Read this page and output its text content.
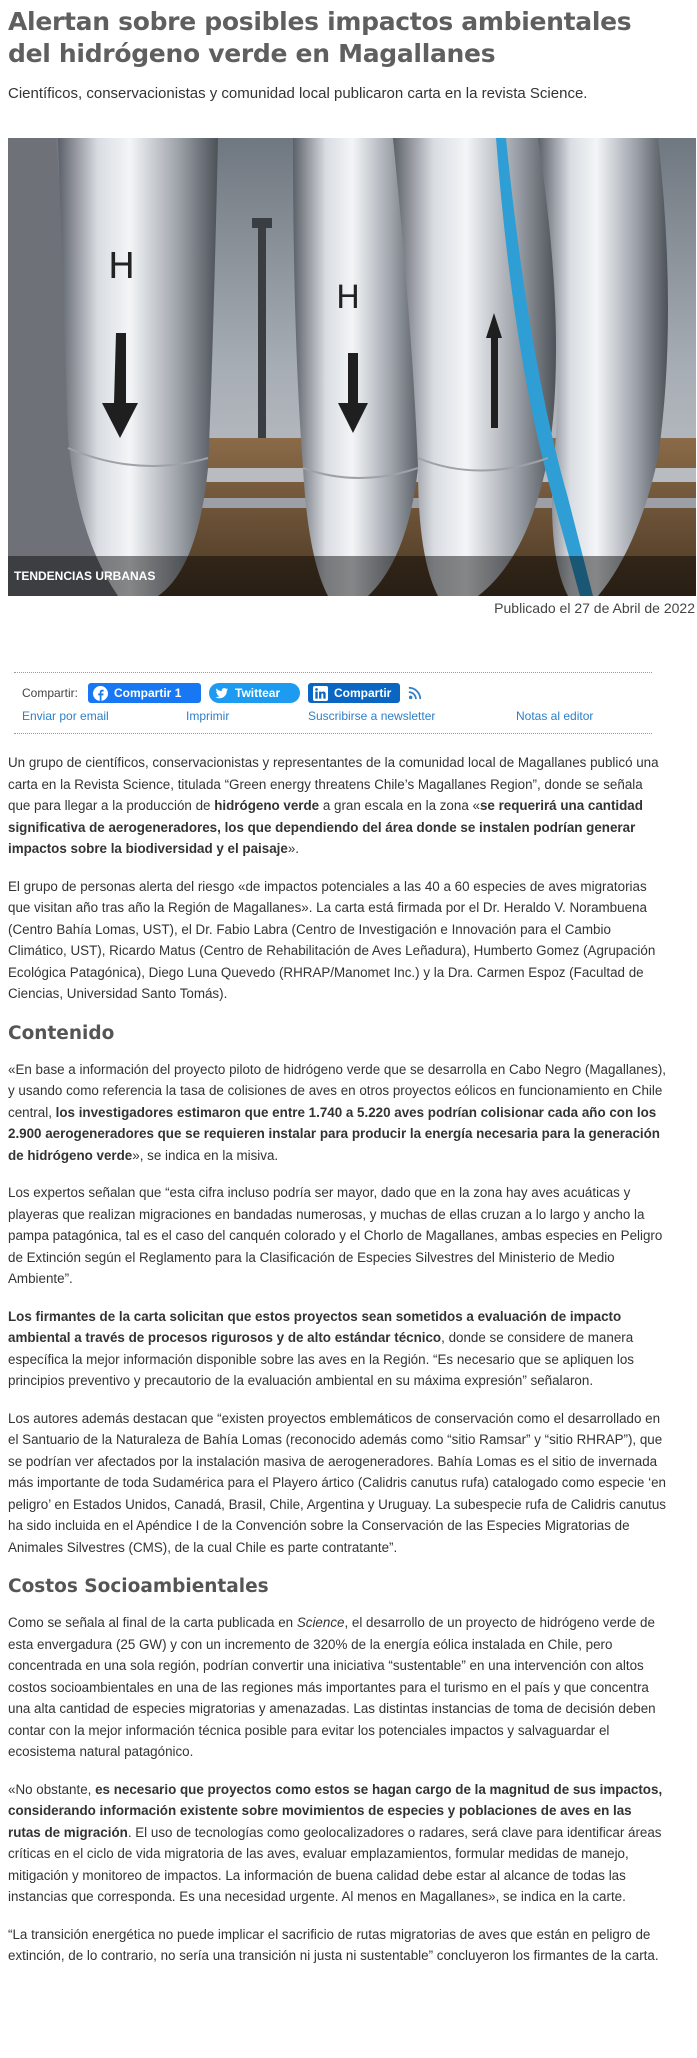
Alertan sobre posibles impactos ambientales del hidrógeno verde en Magallanes
Científicos, conservacionistas y comunidad local publicaron carta en la revista Science.
H
H
TENDENCIAS URBANAS
Publicado el 27 de Abril de 2022
Compartir:	Compartir 1	Twittear	Compartir
Enviar por email	Imprimir	Suscribirse a newsletter	Notas al editor

Un grupo de científicos, conservacionistas y representantes de la comunidad local de Magallanes publicó una carta en la Revista Science, titulada “Green energy threatens Chile’s Magallanes Region”, donde se señala que para llegar a la producción de hidrógeno verde a gran escala en la zona «se requerirá una cantidad significativa de aerogeneradores, los que dependiendo del área donde se instalen podrían generar impactos sobre la biodiversidad y el paisaje».

El grupo de personas alerta del riesgo «de impactos potenciales a las 40 a 60 especies de aves migratorias que visitan año tras año la Región de Magallanes». La carta está firmada por el Dr. Heraldo V. Norambuena (Centro Bahía Lomas, UST), el Dr. Fabio Labra (Centro de Investigación e Innovación para el Cambio Climático, UST), Ricardo Matus (Centro de Rehabilitación de Aves Leñadura), Humberto Gomez (Agrupación Ecológica Patagónica), Diego Luna Quevedo (RHRAP/Manomet Inc.) y la Dra. Carmen Espoz (Facultad de Ciencias, Universidad Santo Tomás).

Contenido

«En base a información del proyecto piloto de hidrógeno verde que se desarrolla en Cabo Negro (Magallanes), y usando como referencia la tasa de colisiones de aves en otros proyectos eólicos en funcionamiento en Chile central, los investigadores estimaron que entre 1.740 a 5.220 aves podrían colisionar cada año con los 2.900 aerogeneradores que se requieren instalar para producir la energía necesaria para la generación de hidrógeno verde», se indica en la misiva.

Los expertos señalan que “esta cifra incluso podría ser mayor, dado que en la zona hay aves acuáticas y playeras que realizan migraciones en bandadas numerosas, y muchas de ellas cruzan a lo largo y ancho la pampa patagónica, tal es el caso del canquén colorado y el Chorlo de Magallanes, ambas especies en Peligro de Extinción según el Reglamento para la Clasificación de Especies Silvestres del Ministerio de Medio Ambiente”.

Los firmantes de la carta solicitan que estos proyectos sean sometidos a evaluación de impacto ambiental a través de procesos rigurosos y de alto estándar técnico, donde se considere de manera específica la mejor información disponible sobre las aves en la Región. “Es necesario que se apliquen los principios preventivo y precautorio de la evaluación ambiental en su máxima expresión” señalaron.

Los autores además destacan que “existen proyectos emblemáticos de conservación como el desarrollado en el Santuario de la Naturaleza de Bahía Lomas (reconocido además como “sitio Ramsar” y “sitio RHRAP”), que se podrían ver afectados por la instalación masiva de aerogeneradores. Bahía Lomas es el sitio de invernada más importante de toda Sudamérica para el Playero ártico (Calidris canutus rufa) catalogado como especie ‘en peligro’ en Estados Unidos, Canadá, Brasil, Chile, Argentina y Uruguay. La subespecie rufa de Calidris canutus ha sido incluida en el Apéndice I de la Convención sobre la Conservación de las Especies Migratorias de Animales Silvestres (CMS), de la cual Chile es parte contratante”.

Costos Socioambientales

Como se señala al final de la carta publicada en Science, el desarrollo de un proyecto de hidrógeno verde de esta envergadura (25 GW) y con un incremento de 320% de la energía eólica instalada en Chile, pero concentrada en una sola región, podrían convertir una iniciativa “sustentable” en una intervención con altos costos socioambientales en una de las regiones más importantes para el turismo en el país y que concentra una alta cantidad de especies migratorias y amenazadas. Las distintas instancias de toma de decisión deben contar con la mejor información técnica posible para evitar los potenciales impactos y salvaguardar el ecosistema natural patagónico.

«No obstante, es necesario que proyectos como estos se hagan cargo de la magnitud de sus impactos, considerando información existente sobre movimientos de especies y poblaciones de aves en las rutas de migración. El uso de tecnologías como geolocalizadores o radares, será clave para identificar áreas críticas en el ciclo de vida migratoria de las aves, evaluar emplazamientos, formular medidas de manejo, mitigación y monitoreo de impactos. La información de buena calidad debe estar al alcance de todas las instancias que corresponda. Es una necesidad urgente. Al menos en Magallanes», se indica en la carte.

“La transición energética no puede implicar el sacrificio de rutas migratorias de aves que están en peligro de extinción, de lo contrario, no sería una transición ni justa ni sustentable” concluyeron los firmantes de la carta.
